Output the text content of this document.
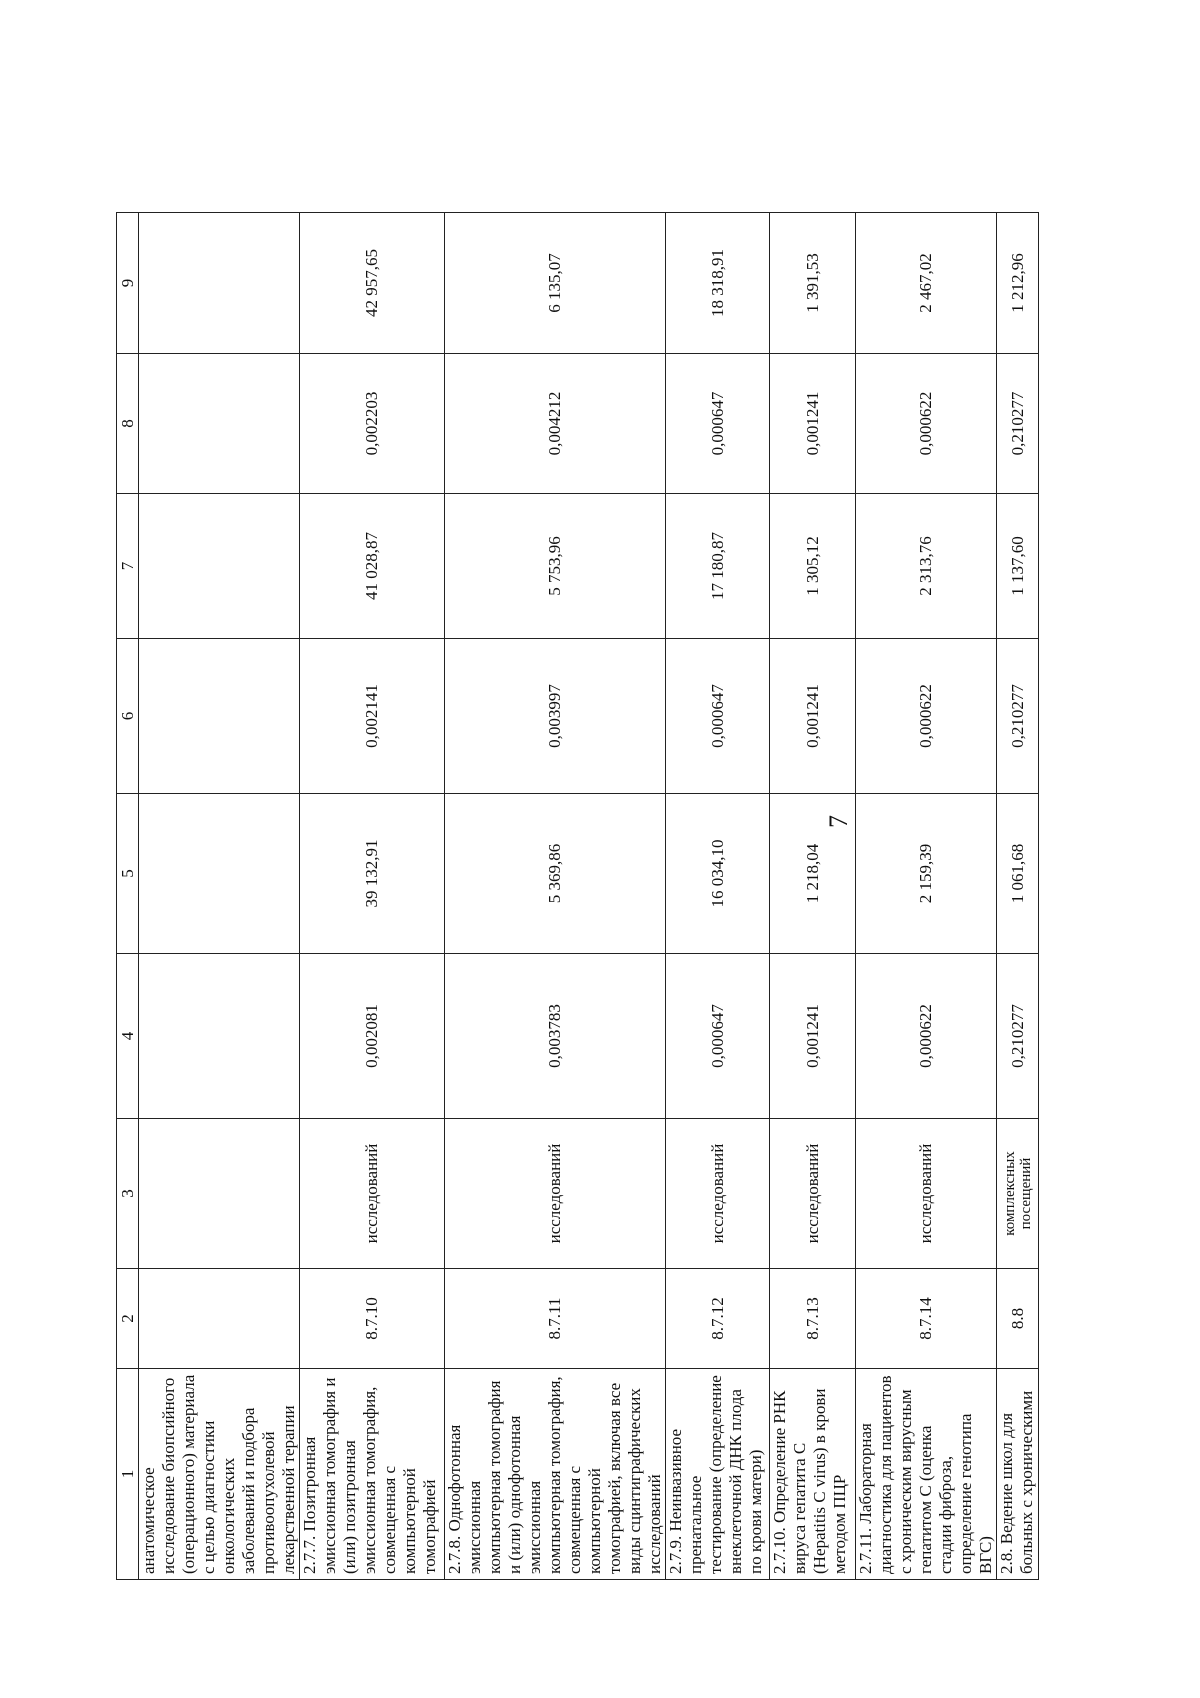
7
1	2	3	4	5	6	7	8	9
анатомическое исследование биопсийного (операционного) материала с целью диагностики онкологических заболеваний и подбора противоопухолевой лекарственной терапии								
2.7.7. Позитронная эмиссионная томография и (или) позитронная эмиссионная томография, совмещенная с компьютерной томографией	8.7.10	исследований	0,002081	39 132,91	0,002141	41 028,87	0,002203	42 957,65
2.7.8. Однофотонная эмиссионная компьютерная томография и (или) однофотонная эмиссионная компьютерная томография, совмещенная с компьютерной томографией, включая все виды сцинтиграфических исследований	8.7.11	исследований	0,003783	5 369,86	0,003997	5 753,96	0,004212	6 135,07
2.7.9. Неинвазивное пренатальное тестирование (определение внеклеточной ДНК плода по крови матери)	8.7.12	исследований	0,000647	16 034,10	0,000647	17 180,87	0,000647	18 318,91
2.7.10. Определение РНК вируса гепатита С (Hepatitis C virus) в крови методом ПЦР	8.7.13	исследований	0,001241	1 218,04	0,001241	1 305,12	0,001241	1 391,53
2.7.11. Лабораторная диагностика для пациентов с хроническим вирусным гепатитом С (оценка стадии фиброза, определение генотипа ВГС)	8.7.14	исследований	0,000622	2 159,39	0,000622	2 313,76	0,000622	2 467,02
2.8. Ведение школ для больных с хроническими	8.8	комплексных посещений	0,210277	1 061,68	0,210277	1 137,60	0,210277	1 212,96
